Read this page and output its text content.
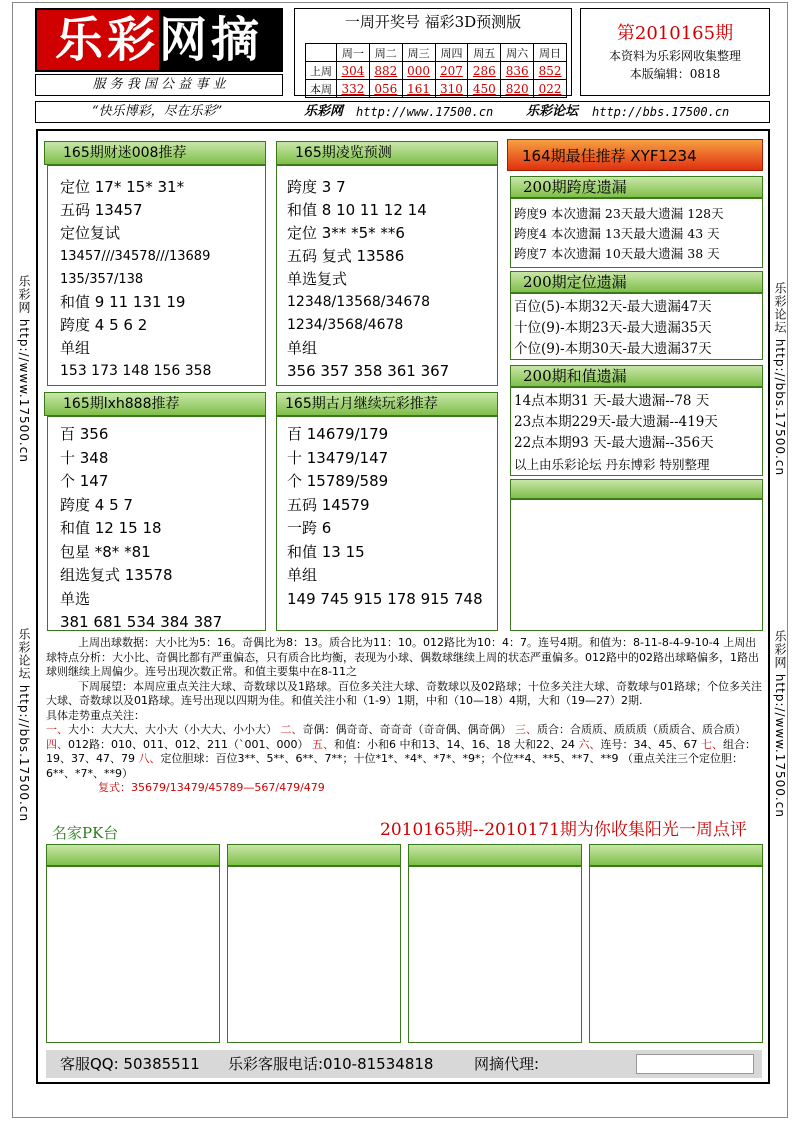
乐彩网摘
服 务 我 国 公 益 事 业
一周开奖号 福彩3D预测版
	周一	周二	周三	周四	周五	周六	周日
上周	304	882	000	207	286	836	852
本周	332	056	161	310	450	820	022
第2010165期
本资料为乐彩网收集整理
本版编辑：0818
“快乐博彩，尽在乐彩”	乐彩网 http://www.17500.cn	乐彩论坛 http://bbs.17500.cn
乐彩网 http://www.17500.cn
乐彩论坛 http://bbs.17500.cn
乐彩论坛 http://bbs.17500.cn
乐彩网 http://www.17500.cn
165期财迷008推荐
定位 17* 15* 31*
五码 13457
定位复试
13457///34578///13689
135/357/138
和值 9 11 131 19
跨度 4 5 6 2
单组
153 173 148 156 358
165期凌览预测
跨度 3 7
和值 8 10 11 12 14
定位 3** *5* **6
五码 复式 13586
单选复式
12348/13568/34678
1234/3568/4678
单组
356 357 358 361 367
165期lxh888推荐
百 356
十 348
个 147
跨度 4 5 7
和值 12 15 18
包星 *8* *81
组选复式 13578
单选
381 681 534 384 387
165期古月继续玩彩推荐
百 14679/179
十 13479/147
个 15789/589
五码 14579
一跨 6
和值 13 15
单组
149 745 915 178 915 748
164期最佳推荐 XYF1234
200期跨度遗漏
跨度9 本次遗漏 23天最大遗漏 128天
跨度4 本次遗漏 13天最大遗漏 43 天
跨度7 本次遗漏 10天最大遗漏 38 天
200期定位遗漏
百位(5)-本期32天-最大遗漏47天
十位(9)-本期23天-最大遗漏35天
个位(9)-本期30天-最大遗漏37天
200期和值遗漏
14点本期31 天-最大遗漏--78 天
23点本期229天-最大遗漏--419天
22点本期93 天-最大遗漏--356天
以上由乐彩论坛 丹东博彩 特别整理
上周出球数据：大小比为5：16。奇偶比为8：13。质合比为11：10。012路比为10：4：7。连号4期。和值为：8-11-8-4-9-10-4 上周出球特点分析：大小比、奇偶比都有严重偏态，只有质合比均衡，表现为小球、偶数球继续上周的状态严重偏多。012路中的02路出球略偏多，1路出球则继续上周偏少。连号出现次数正常。和值主要集中在8-11之
下周展望：本周应重点关注大球、奇数球以及1路球。百位多关注大球、奇数球以及02路球；十位多关注大球、奇数球与01路球；个位多关注大球、奇数球以及01路球。连号出现以四期为佳。和值关注小和（1-9）1期，中和（10—18）4期，大和（19—27）2期.
具体走势重点关注：
一、大小：大大大、大小大（小大大、小小大） 二、奇偶：偶奇奇、奇奇奇（奇奇偶、偶奇偶） 三、质合：合质质、质质质（质质合、质合质） 四、012路：010、011、012、211（`001、000） 五、和值：小和6 中和13、14、16、18 大和22、24 六、连号：34、45、67 七、组合：19、37、47、79 八、定位胆球：百位3**、5**、6**、7**；十位*1*、*4*、*7*、*9*；个位**4、**5、**7、**9 （重点关注三个定位胆：6**、*7*、**9）
复式：35679/13479/45789—567/479/479
名家PK台	2010165期--2010171期为你收集阳光一周点评
客服QQ: 50385511 乐彩客服电话:010-81534818	网摘代理:
